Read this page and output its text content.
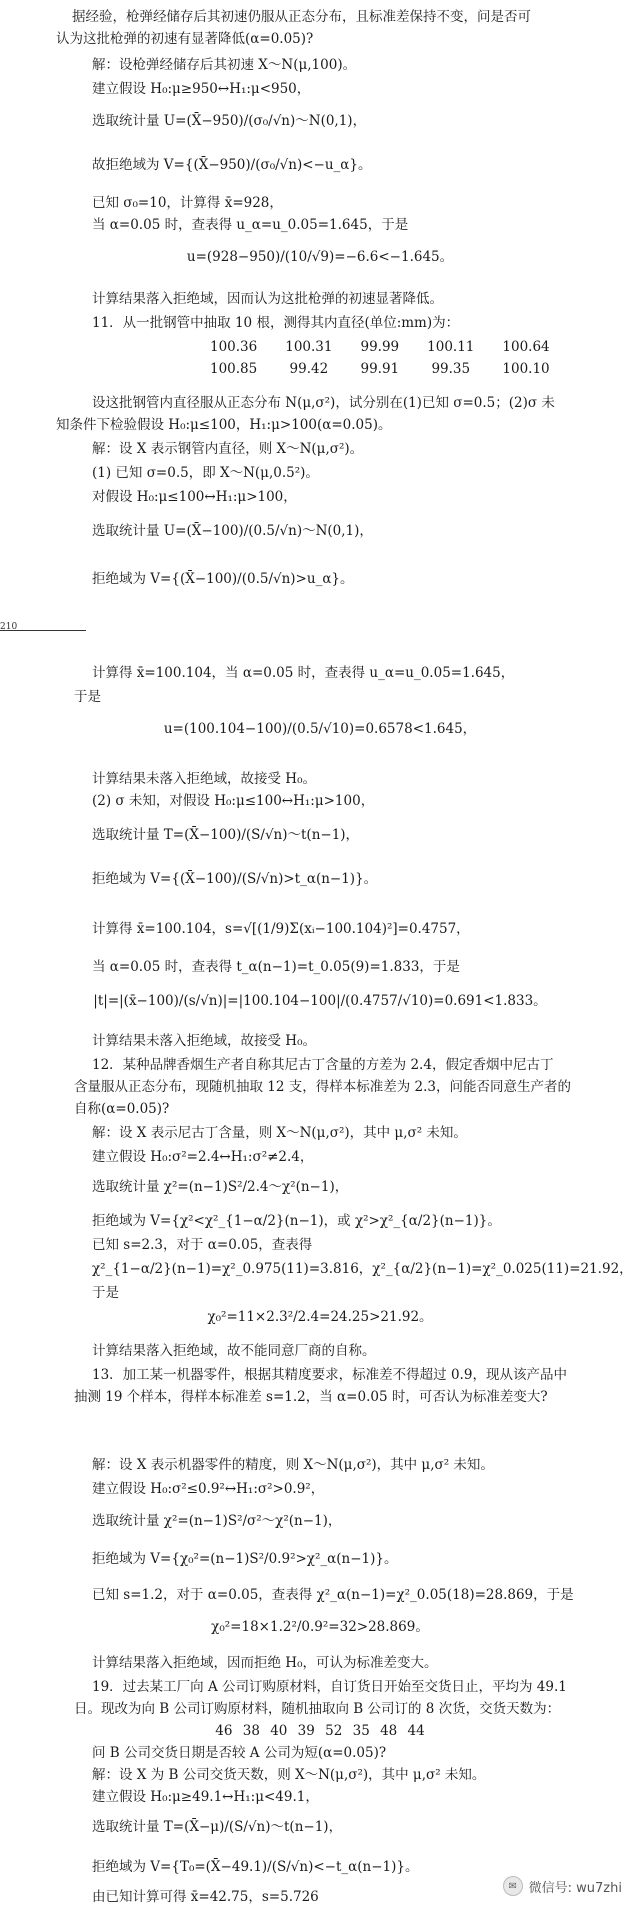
据经验，枪弹经储存后其初速仍服从正态分布，且标准差保持不变，问是否可
认为这批枪弹的初速有显著降低(α=0.05)?
解：设枪弹经储存后其初速 X～N(μ,100)。
建立假设 H₀:μ≥950↔H₁:μ<950，
选取统计量 U=(X̄−950)/(σ₀/√n)～N(0,1)，
故拒绝域为 V={(X̄−950)/(σ₀/√n)<−u_α}。
已知 σ₀=10，计算得 x̄=928，
当 α=0.05 时，查表得 u_α=u_0.05=1.645，于是
u=(928−950)/(10/√9)=−6.6<−1.645。
计算结果落入拒绝域，因而认为这批枪弹的初速显著降低。
11．从一批钢管中抽取 10 根，测得其内直径(单位:mm)为：
100.36	100.31	99.99	100.11	100.64
100.85	99.42	99.91	99.35	100.10
设这批钢管内直径服从正态分布 N(μ,σ²)，试分别在(1)已知 σ=0.5；(2)σ 未
知条件下检验假设 H₀:μ≤100，H₁:μ>100(α=0.05)。
解：设 X 表示钢管内直径，则 X～N(μ,σ²)。
(1) 已知 σ=0.5，即 X～N(μ,0.5²)。
对假设 H₀:μ≤100↔H₁:μ>100，
选取统计量 U=(X̄−100)/(0.5/√n)～N(0,1)，
拒绝域为 V={(X̄−100)/(0.5/√n)>u_α}。
210
计算得 x̄=100.104，当 α=0.05 时，查表得 u_α=u_0.05=1.645，
于是
u=(100.104−100)/(0.5/√10)=0.6578<1.645，
计算结果未落入拒绝域，故接受 H₀。
(2) σ 未知，对假设 H₀:μ≤100↔H₁:μ>100，
选取统计量 T=(X̄−100)/(S/√n)～t(n−1)，
拒绝域为 V={(X̄−100)/(S/√n)>t_α(n−1)}。
计算得 x̄=100.104，s=√[(1/9)Σ(xᵢ−100.104)²]=0.4757，
当 α=0.05 时，查表得 t_α(n−1)=t_0.05(9)=1.833，于是
|t|=|(x̄−100)/(s/√n)|=|100.104−100|/(0.4757/√10)=0.691<1.833。
计算结果未落入拒绝域，故接受 H₀。
12．某种品牌香烟生产者自称其尼古丁含量的方差为 2.4，假定香烟中尼古丁
含量服从正态分布，现随机抽取 12 支，得样本标准差为 2.3，问能否同意生产者的
自称(α=0.05)?
解：设 X 表示尼古丁含量，则 X～N(μ,σ²)，其中 μ,σ² 未知。
建立假设 H₀:σ²=2.4↔H₁:σ²≠2.4，
选取统计量 χ²=(n−1)S²/2.4～χ²(n−1)，
拒绝域为 V={χ²<χ²_{1−α/2}(n−1)，或 χ²>χ²_{α/2}(n−1)}。
已知 s=2.3，对于 α=0.05，查表得
χ²_{1−α/2}(n−1)=χ²_0.975(11)=3.816，χ²_{α/2}(n−1)=χ²_0.025(11)=21.92，
于是
χ₀²=11×2.3²/2.4=24.25>21.92。
计算结果落入拒绝域，故不能同意厂商的自称。
13．加工某一机器零件，根据其精度要求，标准差不得超过 0.9，现从该产品中
抽测 19 个样本，得样本标准差 s=1.2，当 α=0.05 时，可否认为标准差变大?
解：设 X 表示机器零件的精度，则 X～N(μ,σ²)，其中 μ,σ² 未知。
建立假设 H₀:σ²≤0.9²↔H₁:σ²>0.9²，
选取统计量 χ²=(n−1)S²/σ²～χ²(n−1)，
拒绝域为 V={χ₀²=(n−1)S²/0.9²>χ²_α(n−1)}。
已知 s=1.2，对于 α=0.05，查表得 χ²_α(n−1)=χ²_0.05(18)=28.869，于是
χ₀²=18×1.2²/0.9²=32>28.869。
计算结果落入拒绝域，因而拒绝 H₀，可认为标准差变大。
19．过去某工厂向 A 公司订购原材料，自订货日开始至交货日止，平均为 49.1
日。现改为向 B 公司订购原材料，随机抽取向 B 公司订的 8 次货，交货天数为：
46 38 40 39 52 35 48 44
问 B 公司交货日期是否较 A 公司为短(α=0.05)?
解：设 X 为 B 公司交货天数，则 X～N(μ,σ²)，其中 μ,σ² 未知。
建立假设 H₀:μ≥49.1↔H₁:μ<49.1，
选取统计量 T=(X̄−μ)/(S/√n)～t(n−1)，
拒绝域为 V={T₀=(X̄−49.1)/(S/√n)<−t_α(n−1)}。
由已知计算可得 x̄=42.75，s=5.726
✉ 微信号: wu7zhi
